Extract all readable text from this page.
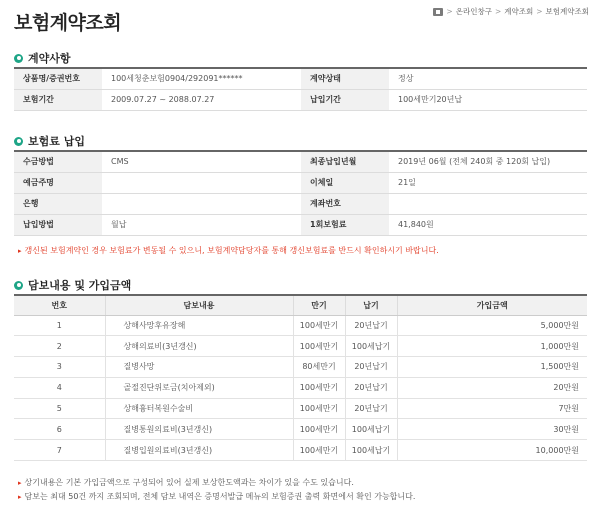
보험계약조회
> 온라인창구 > 계약조회 > 보험계약조회
계약사항
상품명/증권번호	100세청춘보험0904/292091******	계약상태	정상
보험기간	2009.07.27 ~ 2088.07.27	납입기간	100세만기20년납
보험료 납입
수금방법	CMS	최종납입년월	2019년 06월 (전체 240회 중 120회 납입)
예금주명		이체일	21일
은행		계좌번호	
납입방법	월납	1회보험료	41,840원
▸ 갱신된 보험계약인 경우 보험료가 변동될 수 있으니, 보험계약담당자를 통해 갱신보험료를 반드시 확인하시기 바랍니다.
담보내용 및 가입금액
번호	담보내용	만기	납기	가입금액
1	상해사망후유장해	100세만기	20년납기	5,000만원
2	상해의료비(3년갱신)	100세만기	100세납기	1,000만원
3	질병사망	80세만기	20년납기	1,500만원
4	골절진단위로금(치아제외)	100세만기	20년납기	20만원
5	상해흉터복원수술비	100세만기	20년납기	7만원
6	질병통원의료비(3년갱신)	100세만기	100세납기	30만원
7	질병입원의료비(3년갱신)	100세만기	100세납기	10,000만원
▸ 상기내용은 기본 가입금액으로 구성되어 있어 실제 보상한도액과는 차이가 있을 수도 있습니다.
▸ 담보는 최대 50건 까지 조회되며, 전체 담보 내역은 증명서발급 메뉴의 보험증권 출력 화면에서 확인 가능합니다.
